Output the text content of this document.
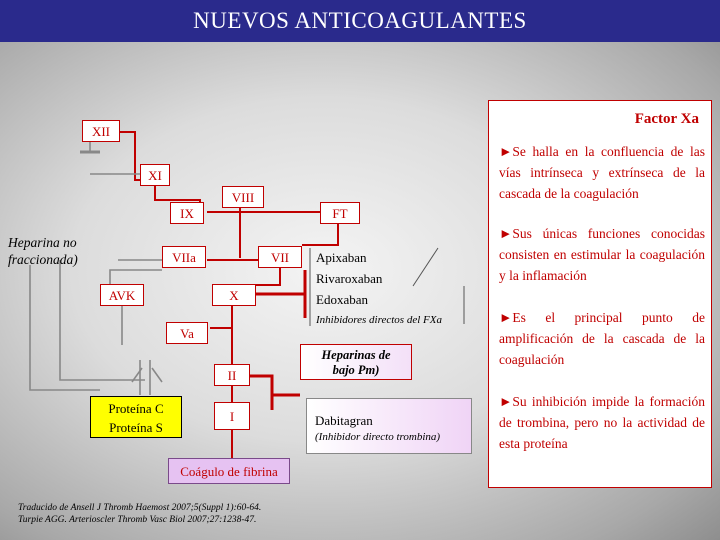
NUEVOS ANTICOAGULANTES
XII
XI
VIII
IX	FT
VIIa	VII
AVK	X
Va
II
I
Proteína C
Proteína S
Coágulo de fibrina
Heparina no
fraccionada)	Apixaban
Rivaroxaban
Edoxaban
Inhibidores directos del FXa
Heparinas de
bajo Pm)
Dabitagran
(Inhibidor directo trombina)
Factor Xa
►Se halla en la confluencia de las vías intrínseca y extrínseca de la cascada de la coagulación
►Sus únicas funciones conocidas consisten en estimular la coagulación y la inflamación
►Es el principal punto de amplificación de la cascada de la coagulación
►Su inhibición impide la formación de trombina, pero no la actividad de esta proteína
Traducido de Ansell J Thromb Haemost 2007;5(Suppl 1):60-64.
Turpie AGG. Arterioscler Thromb Vasc Biol 2007;27:1238-47.
